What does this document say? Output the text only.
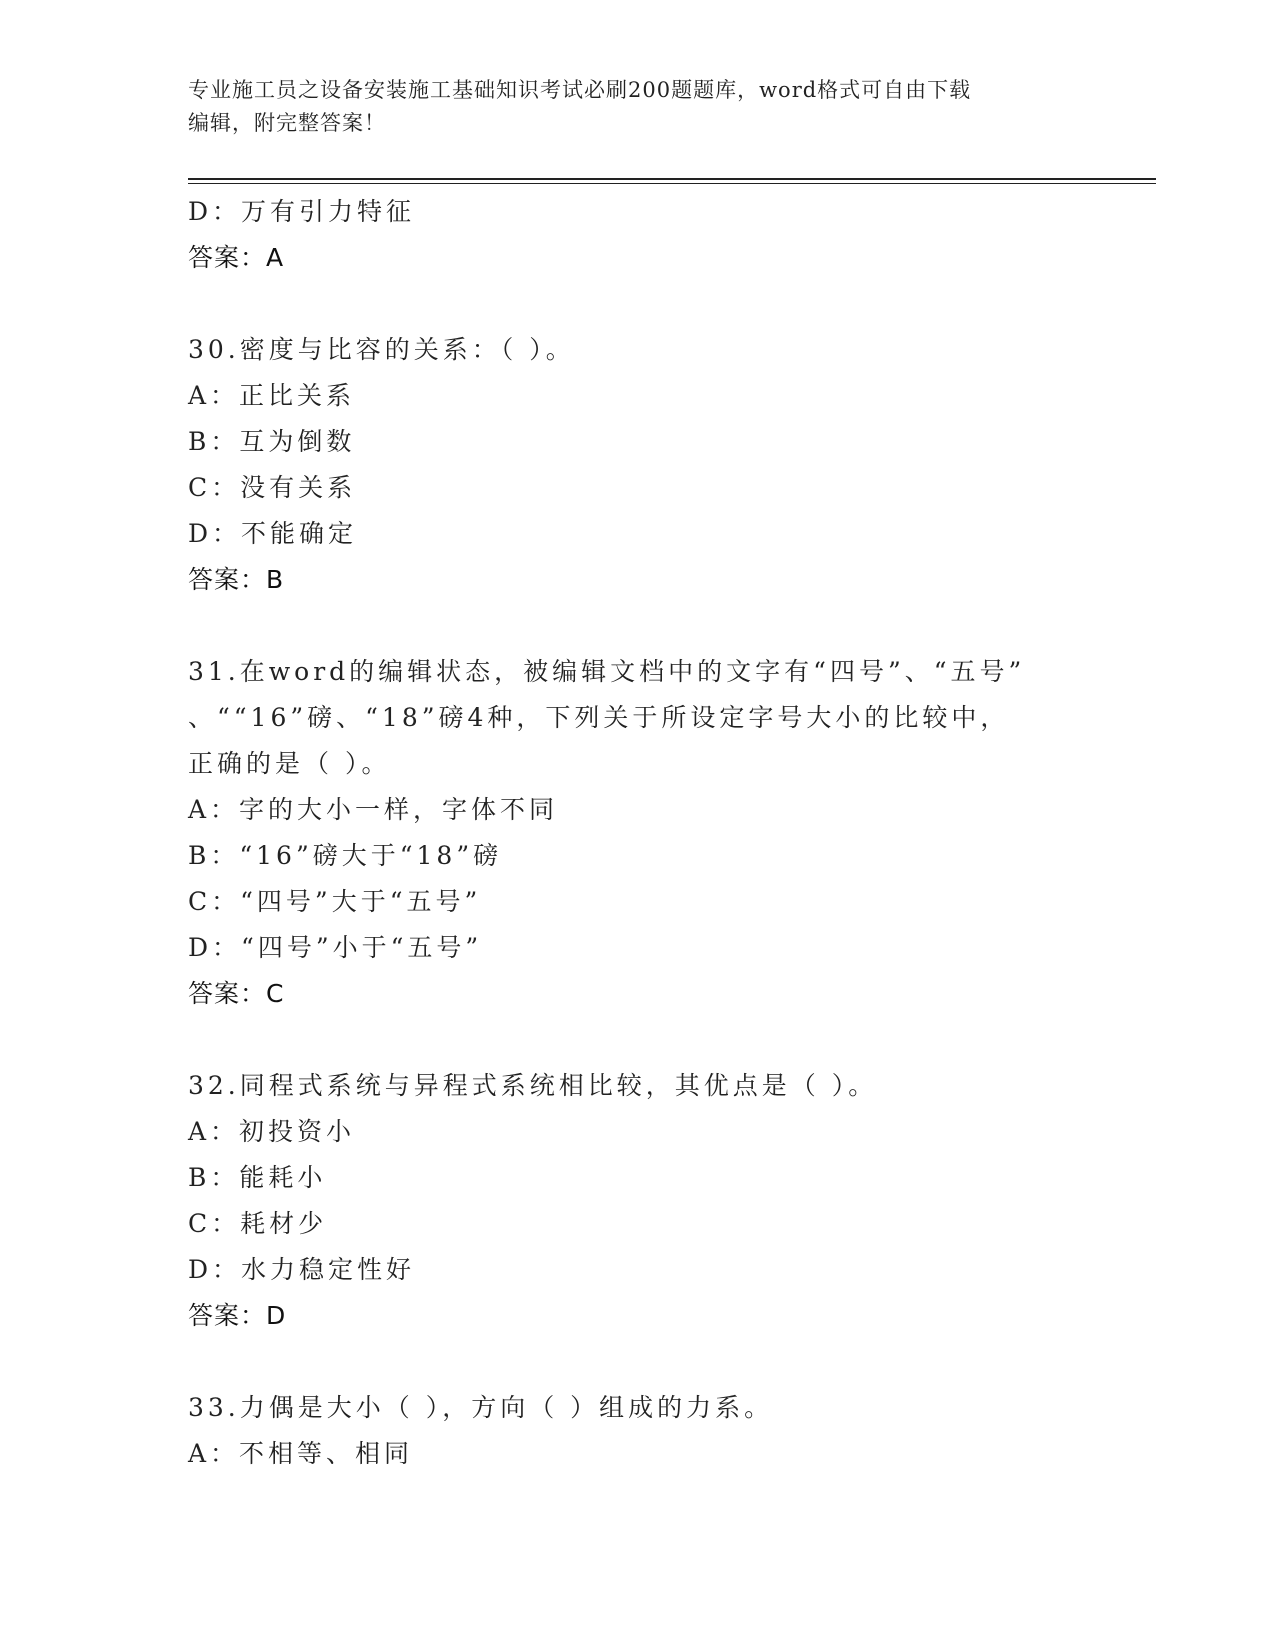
专业施工员之设备安装施工基础知识考试必刷200题题库，word格式可自由下载
编辑，附完整答案！
D：万有引力特征
答案：A
30.密度与比容的关系：（ ）。
A：正比关系
B：互为倒数
C：没有关系
D：不能确定
答案：B
31.在word的编辑状态，被编辑文档中的文字有“四号”、“五号”
、““16”磅、“18”磅4种，下列关于所设定字号大小的比较中，
正确的是（ ）。
A：字的大小一样，字体不同
B：“16”磅大于“18”磅
C：“四号”大于“五号”
D：“四号”小于“五号”
答案：C
32.同程式系统与异程式系统相比较，其优点是（ ）。
A：初投资小
B：能耗小
C：耗材少
D：水力稳定性好
答案：D
33.力偶是大小（ ），方向（ ）组成的力系。
A：不相等、相同
